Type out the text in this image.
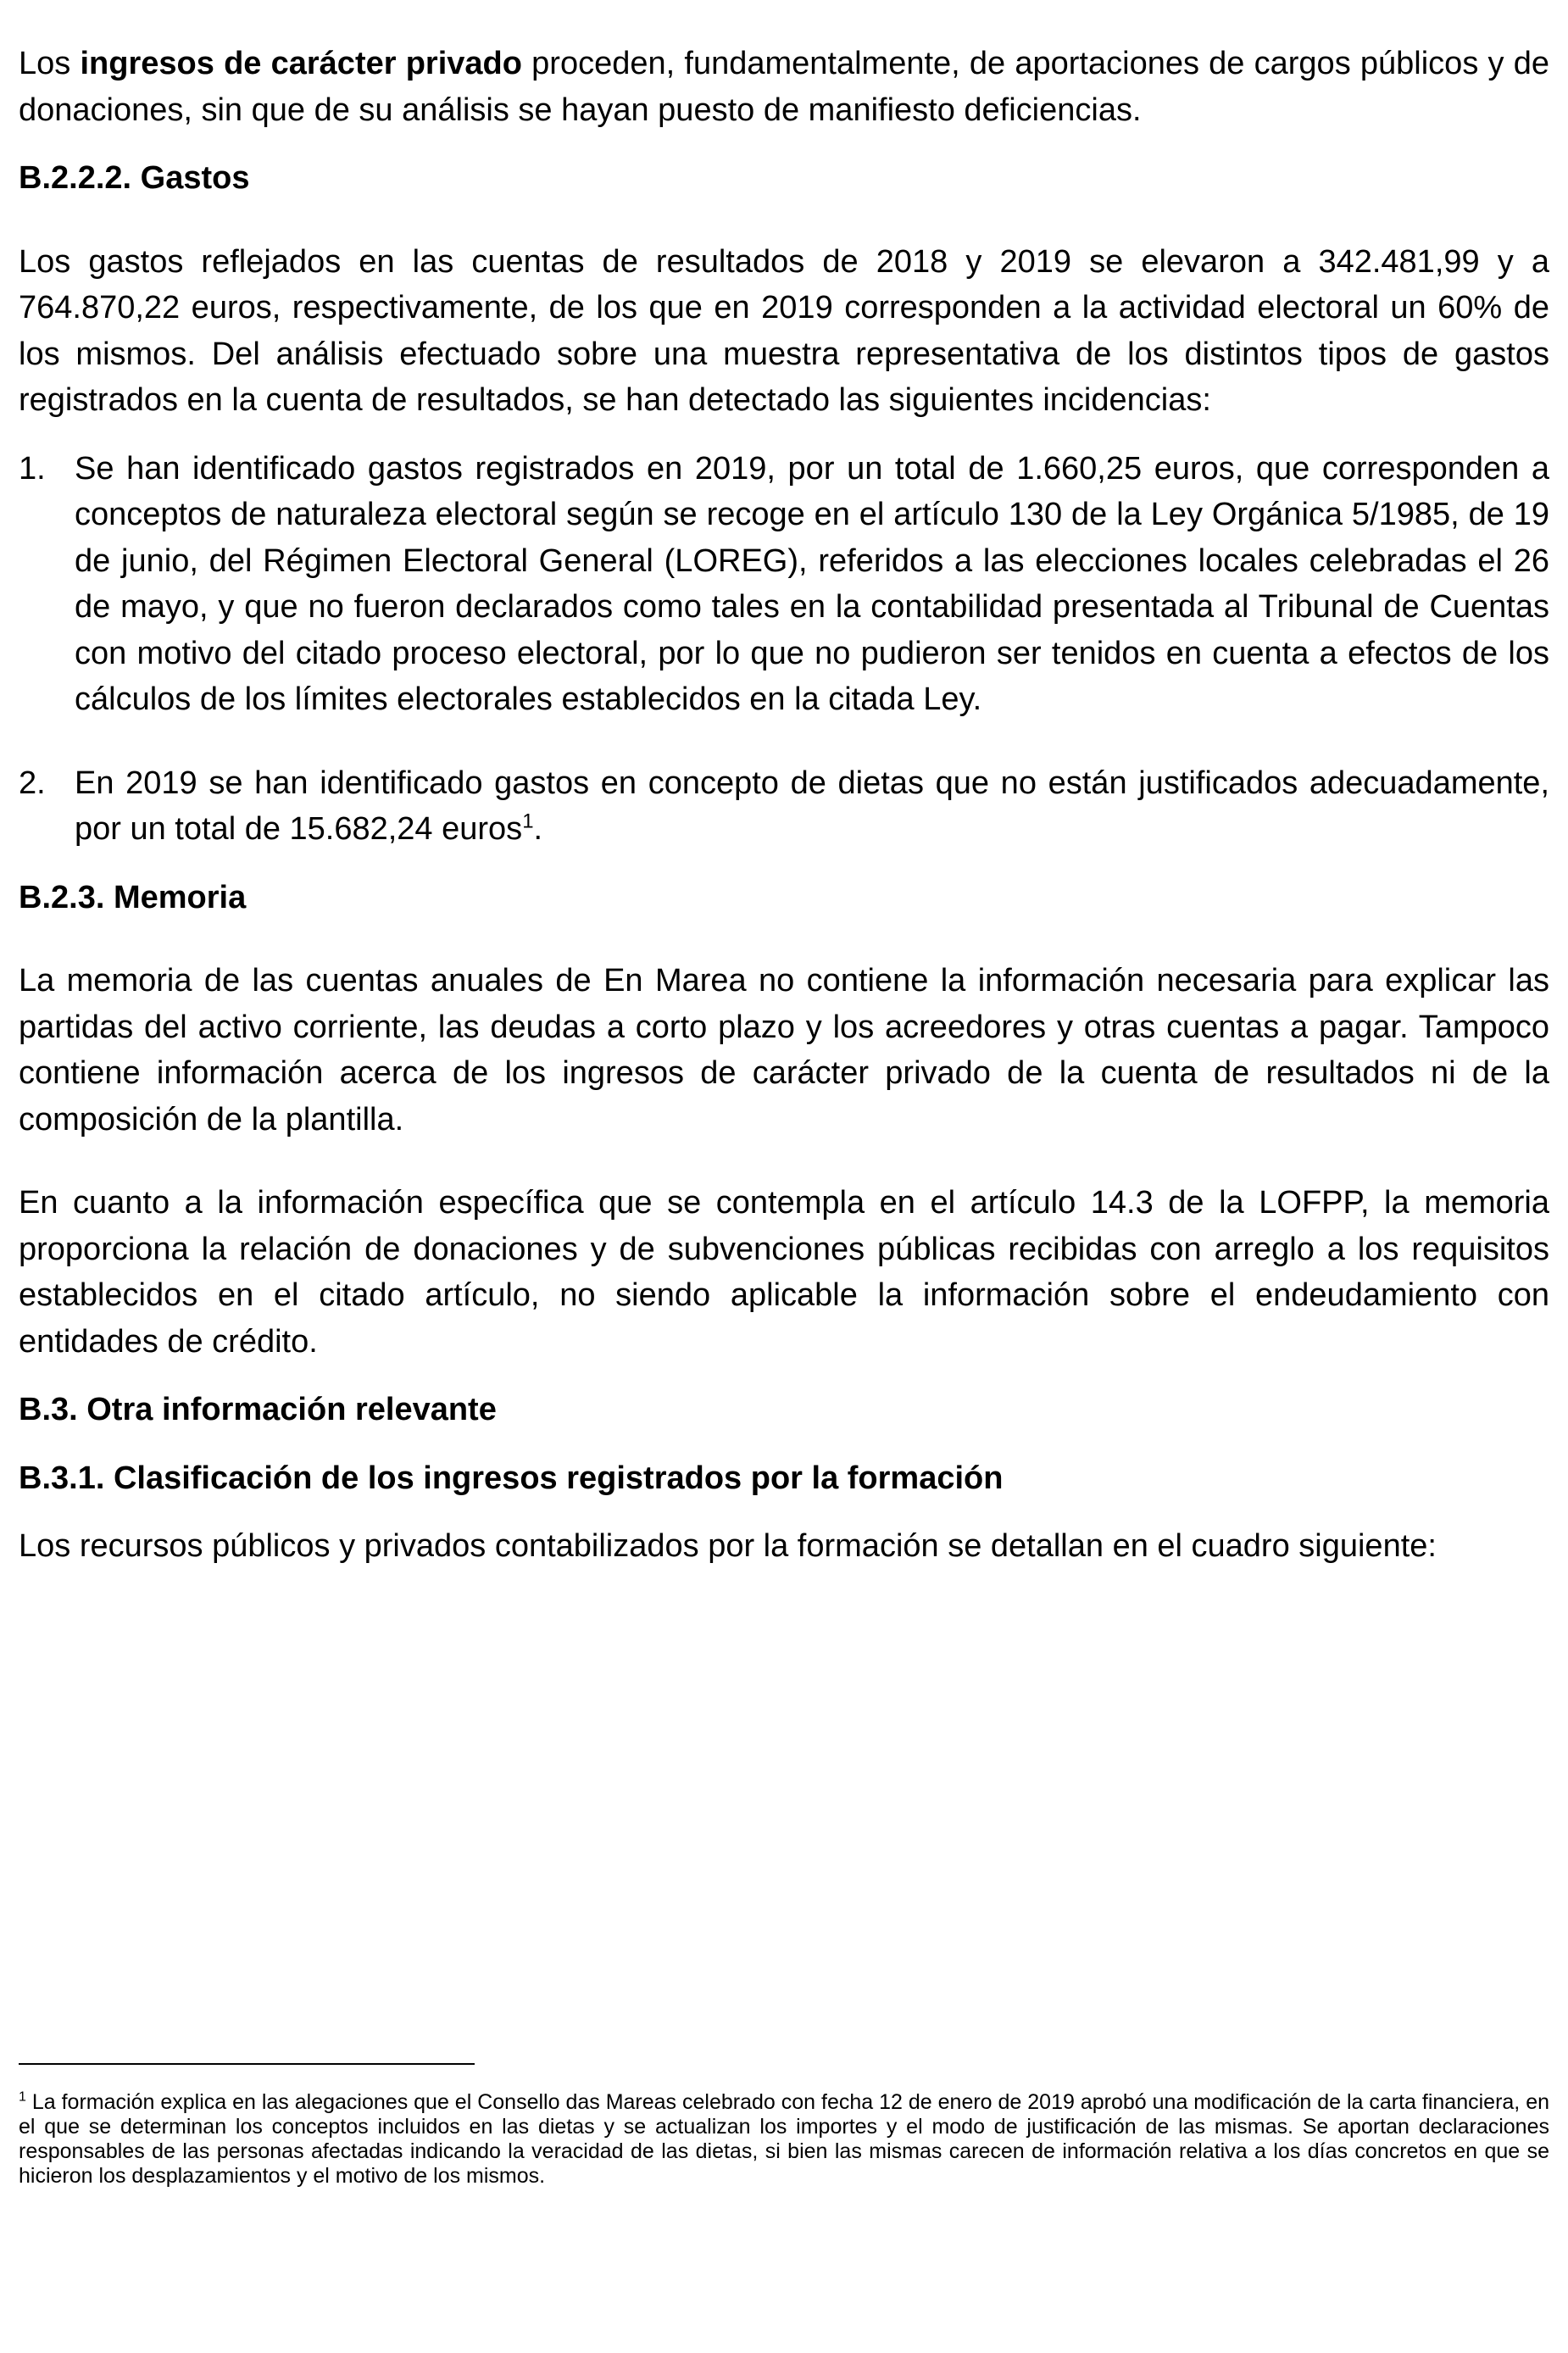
Los ingresos de carácter privado proceden, fundamentalmente, de aportaciones de cargos públicos y de donaciones, sin que de su análisis se hayan puesto de manifiesto deficiencias.

B.2.2.2. Gastos

Los gastos reflejados en las cuentas de resultados de 2018 y 2019 se elevaron a 342.481,99 y a 764.870,22 euros, respectivamente, de los que en 2019 corresponden a la actividad electoral un 60% de los mismos. Del análisis efectuado sobre una muestra representativa de los distintos tipos de gastos registrados en la cuenta de resultados, se han detectado las siguientes incidencias:

1. Se han identificado gastos registrados en 2019, por un total de 1.660,25 euros, que corresponden a conceptos de naturaleza electoral según se recoge en el artículo 130 de la Ley Orgánica 5/1985, de 19 de junio, del Régimen Electoral General (LOREG), referidos a las elecciones locales celebradas el 26 de mayo, y que no fueron declarados como tales en la contabilidad presentada al Tribunal de Cuentas con motivo del citado proceso electoral, por lo que no pudieron ser tenidos en cuenta a efectos de los cálculos de los límites electorales establecidos en la citada Ley.
2. En 2019 se han identificado gastos en concepto de dietas que no están justificados adecuadamente, por un total de 15.682,24 euros$^1$.
B.2.3. Memoria

La memoria de las cuentas anuales de En Marea no contiene la información necesaria para explicar las partidas del activo corriente, las deudas a corto plazo y los acreedores y otras cuentas a pagar. Tampoco contiene información acerca de los ingresos de carácter privado de la cuenta de resultados ni de la composición de la plantilla.

En cuanto a la información específica que se contempla en el artículo 14.3 de la LOFPP, la memoria proporciona la relación de donaciones y de subvenciones públicas recibidas con arreglo a los requisitos establecidos en el citado artículo, no siendo aplicable la información sobre el endeudamiento con entidades de crédito.

B.3. Otra información relevante
B.3.1. Clasificación de los ingresos registrados por la formación

Los recursos públicos y privados contabilizados por la formación se detallan en el cuadro siguiente:

$^1$ La formación explica en las alegaciones que el Consello das Mareas celebrado con fecha 12 de enero de 2019 aprobó una modificación de la carta financiera, en el que se determinan los conceptos incluidos en las dietas y se actualizan los importes y el modo de justificación de las mismas. Se aportan declaraciones responsables de las personas afectadas indicando la veracidad de las dietas, si bien las mismas carecen de información relativa a los días concretos en que se hicieron los desplazamientos y el motivo de los mismos.
